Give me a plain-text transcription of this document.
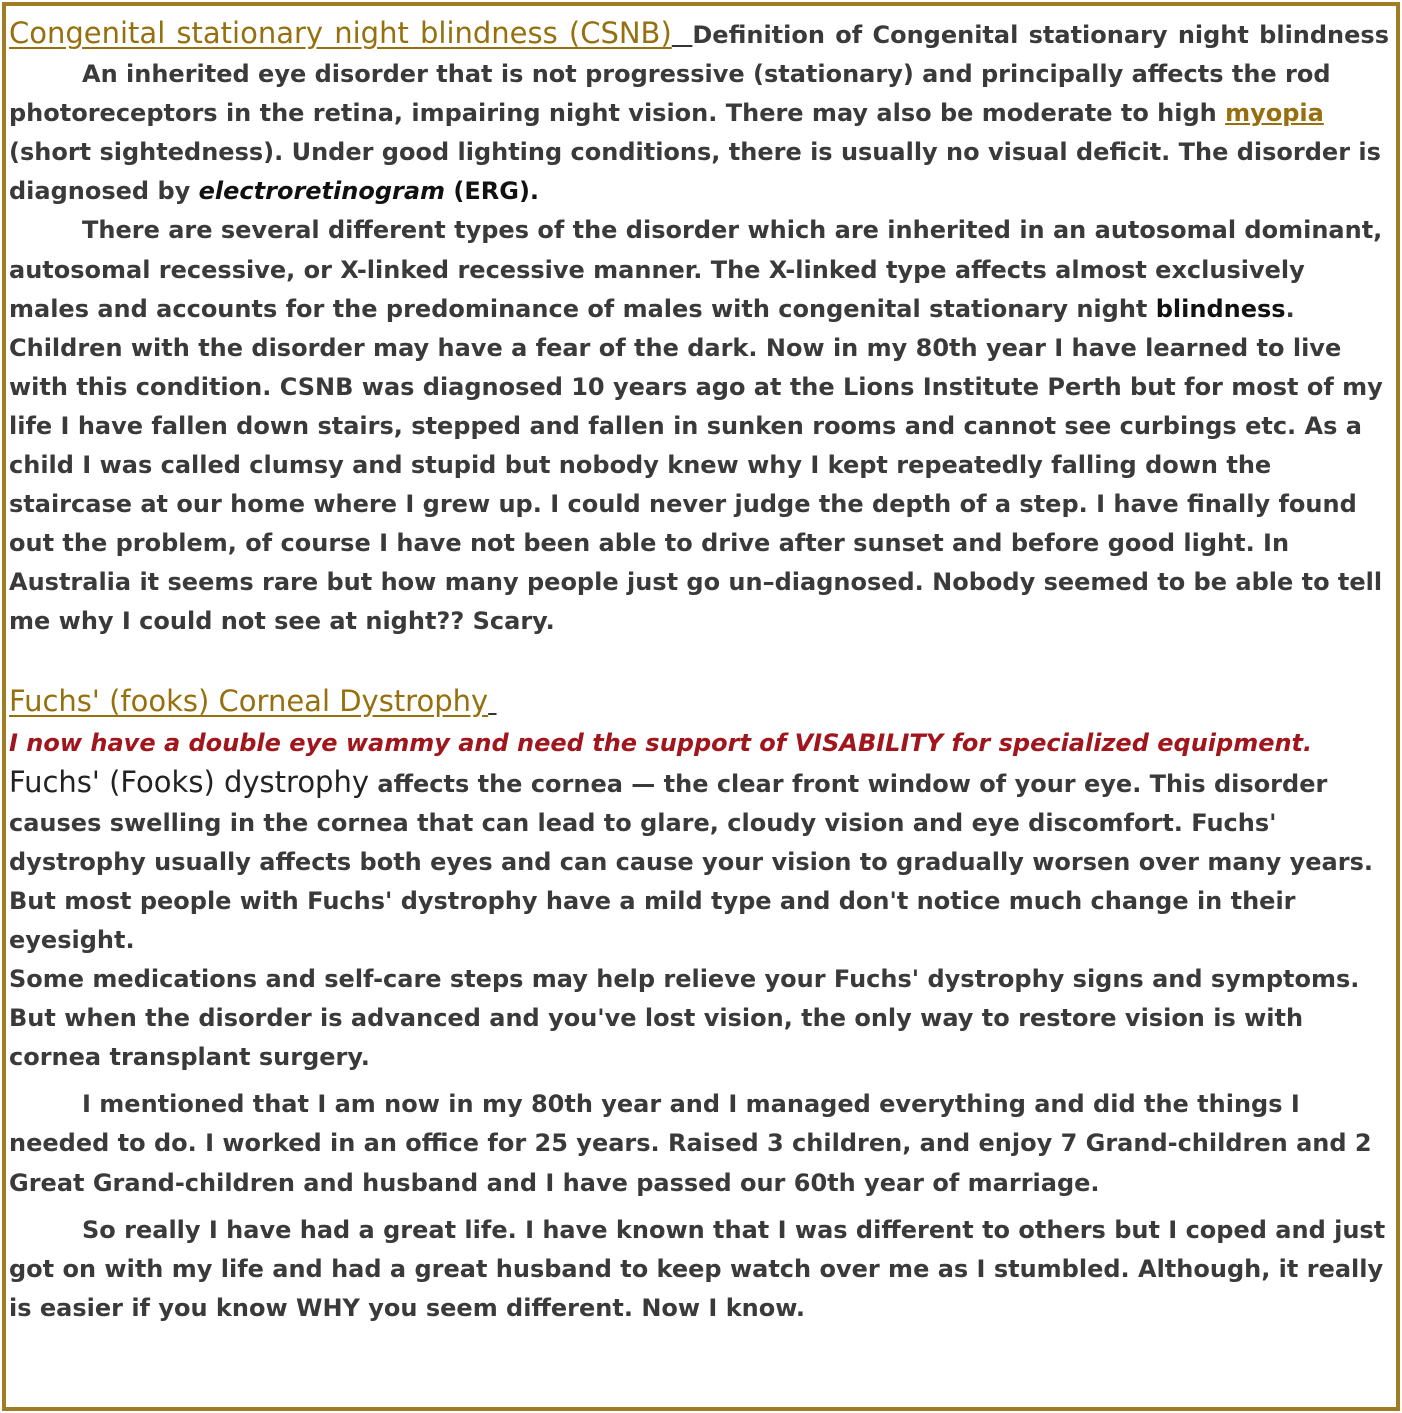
Congenital stationary night blindness (CSNB) Definition of Congenital stationary night blindness

An inherited eye disorder that is not progressive (stationary) and principally affects the rod photoreceptors in the retina, impairing night vision. There may also be moderate to high myopia (short sightedness). Under good lighting conditions, there is usually no visual deficit. The disorder is diagnosed by electroretinogram (ERG).

There are several different types of the disorder which are inherited in an autosomal dominant, autosomal recessive, or X-linked recessive manner. The X-linked type affects almost exclusively males and accounts for the predominance of males with congenital stationary night blindness. Children with the disorder may have a fear of the dark. Now in my 80th year I have learned to live with this condition. CSNB was diagnosed 10 years ago at the Lions Institute Perth but for most of my life I have fallen down stairs, stepped and fallen in sunken rooms and cannot see curbings etc. As a child I was called clumsy and stupid but nobody knew why I kept repeatedly falling down the staircase at our home where I grew up. I could never judge the depth of a step. I have finally found out the problem, of course I have not been able to drive after sunset and before good light. In Australia it seems rare but how many people just go un–diagnosed. Nobody seemed to be able to tell me why I could not see at night?? Scary.

Fuchs' (fooks) Corneal Dystrophy

I now have a double eye wammy and need the support of VISABILITY for specialized equipment.

Fuchs' (Fooks) dystrophy affects the cornea — the clear front window of your eye. This disorder causes swelling in the cornea that can lead to glare, cloudy vision and eye discomfort. Fuchs' dystrophy usually affects both eyes and can cause your vision to gradually worsen over many years. But most people with Fuchs' dystrophy have a mild type and don't notice much change in their eyesight.

Some medications and self-care steps may help relieve your Fuchs' dystrophy signs and symptoms. But when the disorder is advanced and you've lost vision, the only way to restore vision is with cornea transplant surgery.

I mentioned that I am now in my 80th year and I managed everything and did the things I needed to do. I worked in an office for 25 years. Raised 3 children, and enjoy 7 Grand-children and 2 Great Grand-children and husband and I have passed our 60th year of marriage.

So really I have had a great life. I have known that I was different to others but I coped and just got on with my life and had a great husband to keep watch over me as I stumbled. Although, it really is easier if you know WHY you seem different. Now I know.
